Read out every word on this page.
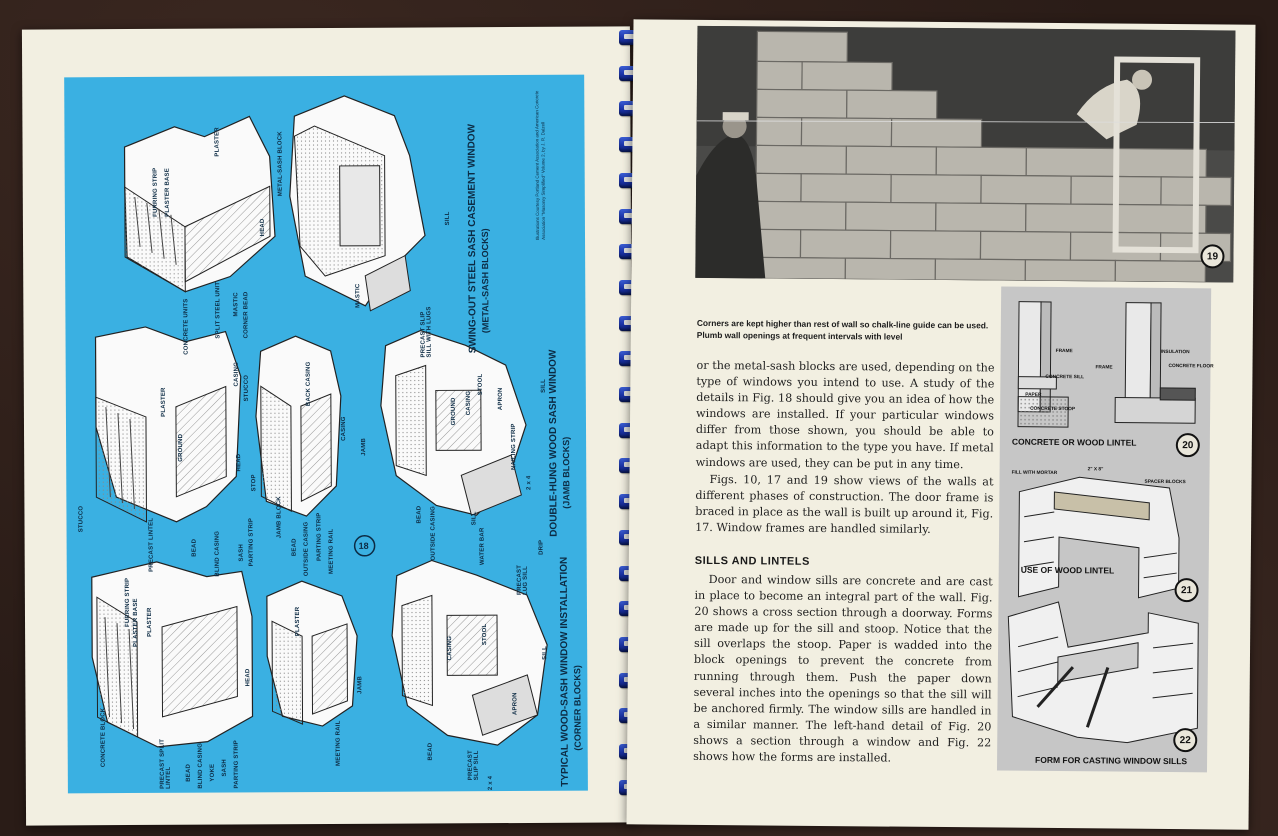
SWING-OUT STEEL SASH CASEMENT WINDOW (METAL-SASH BLOCKS)
DOUBLE-HUNG WOOD SASH WINDOW (JAMB BLOCKS)
TYPICAL WOOD-SASH WINDOW INSTALLATION (CORNER BLOCKS)
Illustrations Courtesy Portland Cement Association and American Concrete Association "Masonry Simplified" Volume 2, by J. R. Dalzell
18
PLASTER
FURRING STRIP PLASTER BASE
CONCRETE UNITS	SPLIT STEEL UNIT MASTIC CORNER BEAD
HEAD
METAL-SASH BLOCK
SILL
MASTIC
PRECAST SLIP SILL WITH LUGS
STUCCO
PLASTER
GROUND
CASING
HEAD
STOP
PRECAST LINTEL	BEAD	BLIND CASING	SASH PARTING STRIP
STUCCO	BACK CASING
CASING
JAMB
JAMB BLOCK
BEAD OUTSIDE CASING PARTING STRIP MEETING RAIL
GROUND CASING
STOOL
APRON
SILL
NAILING STRIP
2 x 4
BEAD OUTSIDE CASING	SILL
WATER BAR
PRECAST LUG SILL
DRIP
CONCRETE BLOCK
FURRING STRIP PLASTER BASE PLASTER
PRECAST SPLIT LINTEL BEAD BLIND CASING YOKE SASH PARTING STRIP
HEAD
PLASTER
JAMB
MEETING RAIL	BEAD
CASING
STOOL
APRON
SILL
PRECAST SLIP SILL
2 x 4
19
Corners are kept higher than rest of wall so chalk-line guide can be used. Plumb wall openings at frequent intervals with level

or the metal-sash blocks are used, depending on the type of windows you intend to use. A study of the details in Fig. 18 should give you an idea of how the windows are installed. If your particular windows differ from those shown, you should be able to adapt this information to the type you have. If metal windows are used, they can be put in any time.

Figs. 10, 17 and 19 show views of the walls at different phases of construction. The door frame is braced in place as the wall is built up around it, Fig. 17. Window frames are handled similarly.

SILLS AND LINTELS

Door and window sills are concrete and are cast in place to become an integral part of the wall. Fig. 20 shows a cross section through a doorway. Forms are made up for the sill and stoop. Notice that the sill overlaps the stoop. Paper is wadded into the block openings to prevent the concrete from running through them. Push the paper down several inches into the openings so that the sill will be anchored firmly. The window sills are handled in a similar manner. The left-hand detail of Fig. 20 shows a section through a window and Fig. 22 shows how the forms are installed.

FRAME
CONCRETE SILL
PAPER
CONCRETE STOOP
FRAME
INSULATION
CONCRETE FLOOR
CONCRETE OR WOOD LINTEL	20
FILL WITH MORTAR
2" X 8"
SPACER BLOCKS
USE OF WOOD LINTEL
21
22
FORM FOR CASTING WINDOW SILLS
